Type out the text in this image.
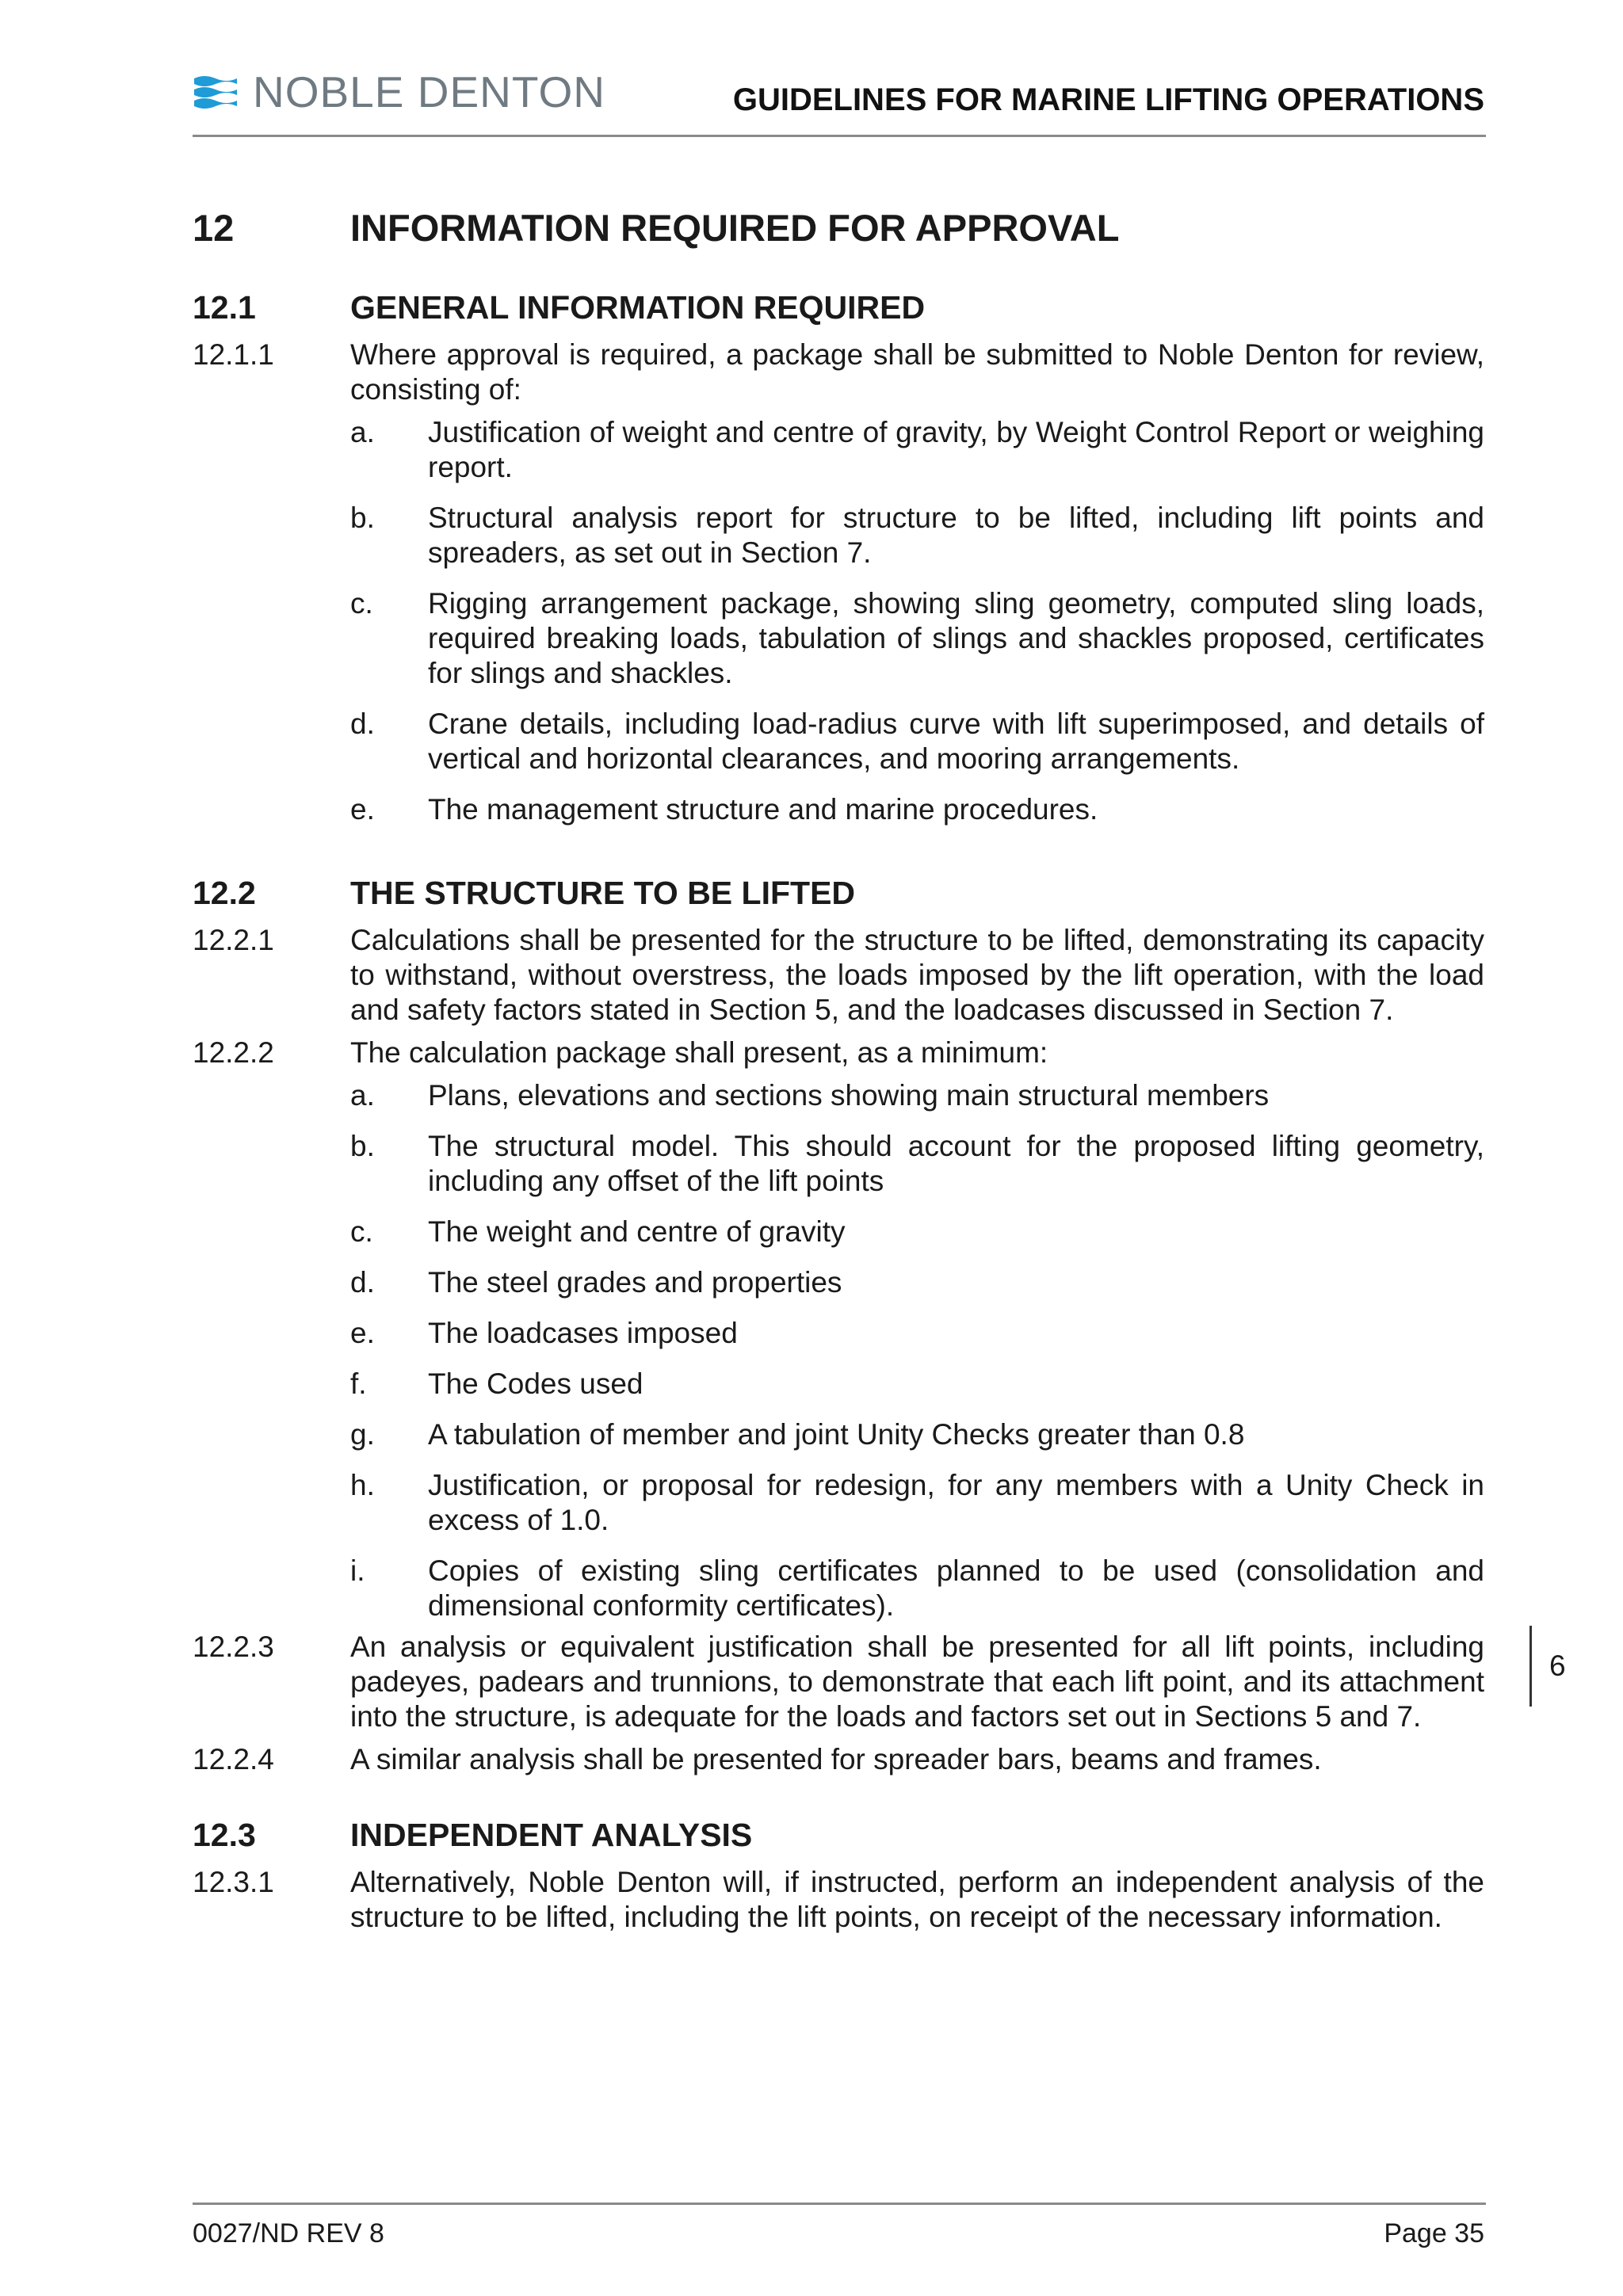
NOBLE DENTON	GUIDELINES FOR MARINE LIFTING OPERATIONS
12	INFORMATION REQUIRED FOR APPROVAL
12.1	GENERAL INFORMATION REQUIRED
12.1.1	Where approval is required, a package shall be submitted to Noble Denton for review, consisting of:
a.	Justification of weight and centre of gravity, by Weight Control Report or weighing report.
b.	Structural analysis report for structure to be lifted, including lift points and spreaders, as set out in Section 7.
c.	Rigging arrangement package, showing sling geometry, computed sling loads, required breaking loads, tabulation of slings and shackles proposed, certificates for slings and shackles.
d.	Crane details, including load-radius curve with lift superimposed, and details of vertical and horizontal clearances, and mooring arrangements.
e.	The management structure and marine procedures.
12.2	THE STRUCTURE TO BE LIFTED
12.2.1	Calculations shall be presented for the structure to be lifted, demonstrating its capacity to withstand, without overstress, the loads imposed by the lift operation, with the load and safety factors stated in Section 5, and the loadcases discussed in Section 7.
12.2.2	The calculation package shall present, as a minimum:
a.	Plans, elevations and sections showing main structural members
b.	The structural model. This should account for the proposed lifting geometry, including any offset of the lift points
c.	The weight and centre of gravity
d.	The steel grades and properties
e.	The loadcases imposed
f.	The Codes used
g.	A tabulation of member and joint Unity Checks greater than 0.8
h.	Justification, or proposal for redesign, for any members with a Unity Check in excess of 1.0.
i.	Copies of existing sling certificates planned to be used (consolidation and dimensional conformity certificates).
12.2.3	An analysis or equivalent justification shall be presented for all lift points, including padeyes, padears and trunnions, to demonstrate that each lift point, and its attachment into the structure, is adequate for the loads and factors set out in Sections 5 and 7.
12.2.4	A similar analysis shall be presented for spreader bars, beams and frames.
12.3	INDEPENDENT ANALYSIS
12.3.1	Alternatively, Noble Denton will, if instructed, perform an independent analysis of the structure to be lifted, including the lift points, on receipt of the necessary information.
6
0027/ND REV 8	Page 35
